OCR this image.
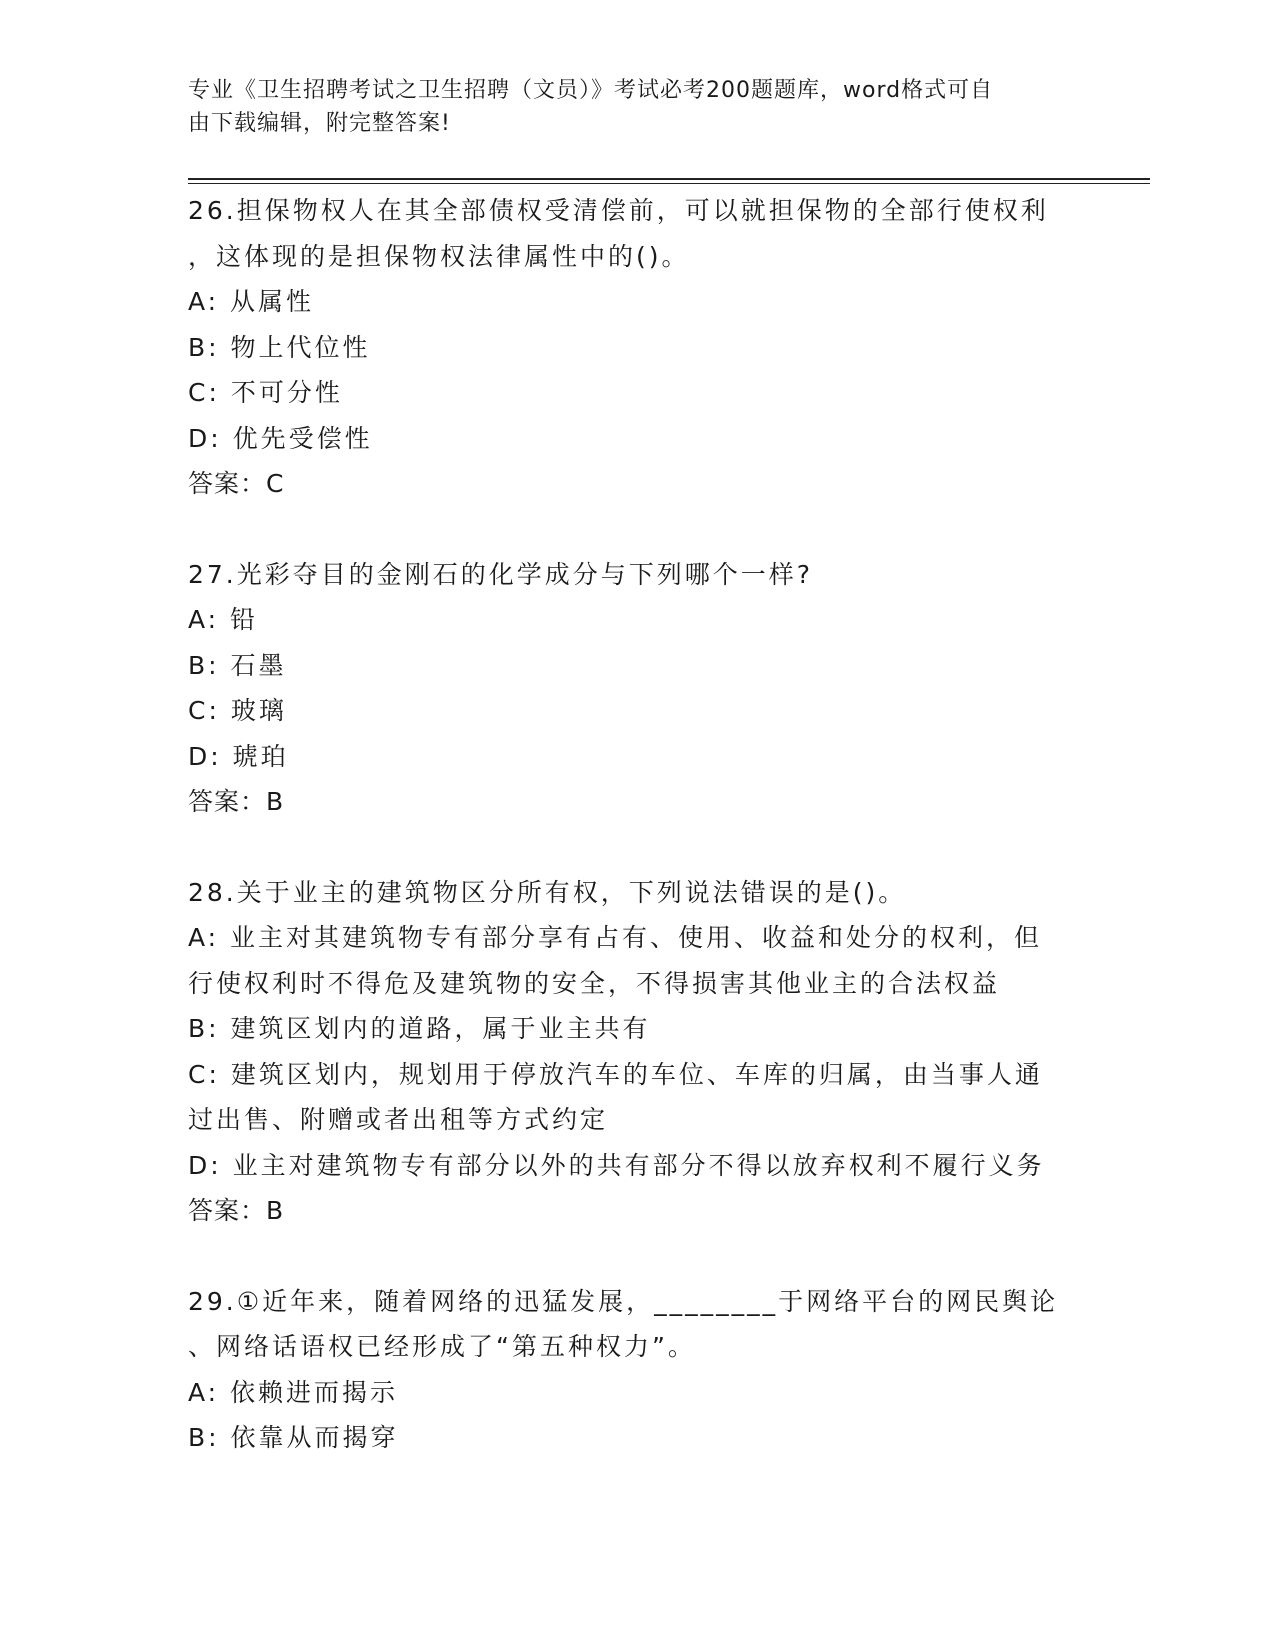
专业《卫生招聘考试之卫生招聘（文员）》考试必考200题题库，word格式可自
由下载编辑，附完整答案!
26.担保物权人在其全部债权受清偿前，可以就担保物的全部行使权利
，这体现的是担保物权法律属性中的()。
A: 从属性
B: 物上代位性
C: 不可分性
D: 优先受偿性
答案：C
27.光彩夺目的金刚石的化学成分与下列哪个一样?
A: 铅
B: 石墨
C: 玻璃
D: 琥珀
答案：B
28.关于业主的建筑物区分所有权，下列说法错误的是()。
A: 业主对其建筑物专有部分享有占有、使用、收益和处分的权利，但
行使权利时不得危及建筑物的安全，不得损害其他业主的合法权益
B: 建筑区划内的道路，属于业主共有
C: 建筑区划内，规划用于停放汽车的车位、车库的归属，由当事人通
过出售、附赠或者出租等方式约定
D: 业主对建筑物专有部分以外的共有部分不得以放弃权利不履行义务
答案：B
29.①近年来，随着网络的迅猛发展，________于网络平台的网民舆论
、网络话语权已经形成了“第五种权力”。
A: 依赖进而揭示
B: 依靠从而揭穿
